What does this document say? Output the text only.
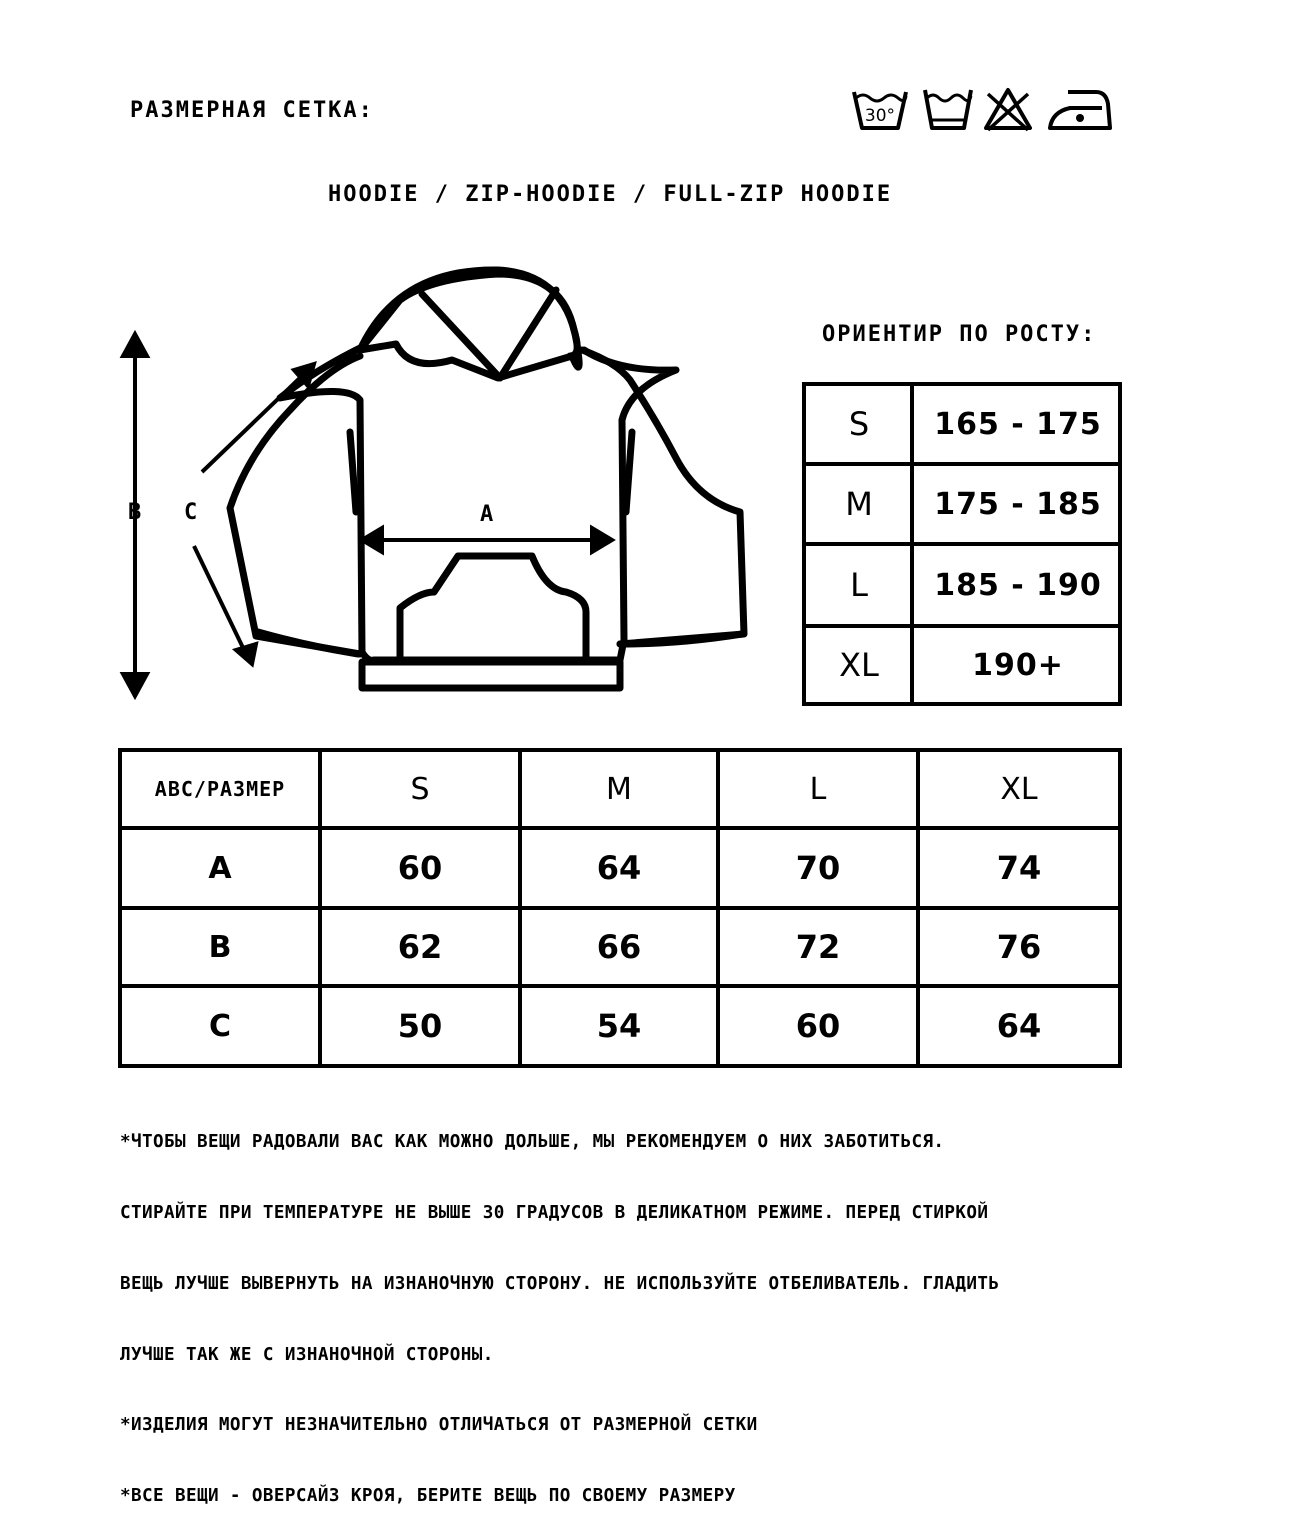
РАЗМЕРНАЯ СЕТКА:
HOODIE / ZIP-HOODIE / FULL-ZIP HOODIE
30°
A
B C
ОРИЕНТИР ПО РОСТУ:
S	165 - 175
M	175 - 185
L	185 - 190
XL	190+
ABC/РАЗМЕР	S	M	L	XL
A	60	64	70	74
B	62	66	72	76
C	50	54	60	64

*ЧТОБЫ ВЕЩИ РАДОВАЛИ ВАС КАК МОЖНО ДОЛЬШЕ, МЫ РЕКОМЕНДУЕМ О НИХ ЗАБОТИТЬСЯ.

СТИРАЙТЕ ПРИ ТЕМПЕРАТУРЕ НЕ ВЫШЕ 30 ГРАДУСОВ В ДЕЛИКАТНОМ РЕЖИМЕ. ПЕРЕД СТИРКОЙ

ВЕЩЬ ЛУЧШЕ ВЫВЕРНУТЬ НА ИЗНАНОЧНУЮ СТОРОНУ. НЕ ИСПОЛЬЗУЙТЕ ОТБЕЛИВАТЕЛЬ. ГЛАДИТЬ

ЛУЧШЕ ТАК ЖЕ С ИЗНАНОЧНОЙ СТОРОНЫ.

*ИЗДЕЛИЯ МОГУТ НЕЗНАЧИТЕЛЬНО ОТЛИЧАТЬСЯ ОТ РАЗМЕРНОЙ СЕТКИ

*ВСЕ ВЕЩИ - ОВЕРСАЙЗ КРОЯ, БЕРИТЕ ВЕЩЬ ПО СВОЕМУ РАЗМЕРУ
